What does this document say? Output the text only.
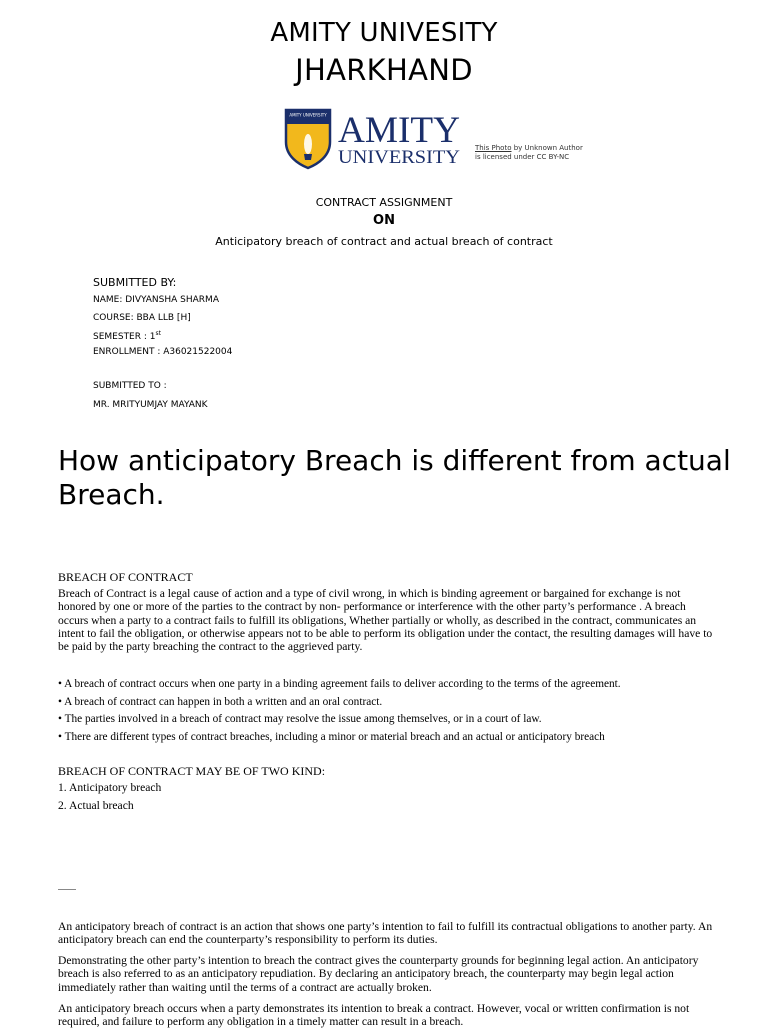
AMITY UNIVESITY
JHARKHAND
AMITY UNIVERSITY AMITY
UNIVERSITY This Photo by Unknown Author
is licensed under CC BY-NC
CONTRACT ASSIGNMENT
ON
Anticipatory breach of contract and actual breach of contract
SUBMITTED BY:
NAME: DIVYANSHA SHARMA
COURSE: BBA LLB [H]
SEMESTER : 1st
ENROLLMENT : A36021522004
SUBMITTED TO :
MR. MRITYUMJAY MAYANK
How anticipatory Breach is different from actual Breach.
BREACH OF CONTRACT
Breach of Contract is a legal cause of action and a type of civil wrong, in which is binding agreement or bargained for exchange is not honored by one or more of the parties to the contract by non- performance or interference with the other party’s performance . A breach occurs when a party to a contract fails to fulfill its obligations, Whether partially or wholly, as described in the contract, communicates an intent to fail the obligation, or otherwise appears not to be able to perform its obligation under the contact, the resulting damages will have to be paid by the party breaching the contract to the aggrieved party.
• A breach of contract occurs when one party in a binding agreement fails to deliver according to the terms of the agreement.
• A breach of contract can happen in both a written and an oral contract.
• The parties involved in a breach of contract may resolve the issue among themselves, or in a court of law.
• There are different types of contract breaches, including a minor or material breach and an actual or anticipatory breach
BREACH OF CONTRACT MAY BE OF TWO KIND:
1. Anticipatory breach
2. Actual breach
An anticipatory breach of contract is an action that shows one party’s intention to fail to fulfill its contractual obligations to another party. An anticipatory breach can end the counterparty’s responsibility to perform its duties.
Demonstrating the other party’s intention to breach the contract gives the counterparty grounds for beginning legal action. An anticipatory breach is also referred to as an anticipatory repudiation. By declaring an anticipatory breach, the counterparty may begin legal action immediately rather than waiting until the terms of a contract are actually broken.
An anticipatory breach occurs when a party demonstrates its intention to break a contract. However, vocal or written confirmation is not required, and failure to perform any obligation in a timely matter can result in a breach.
